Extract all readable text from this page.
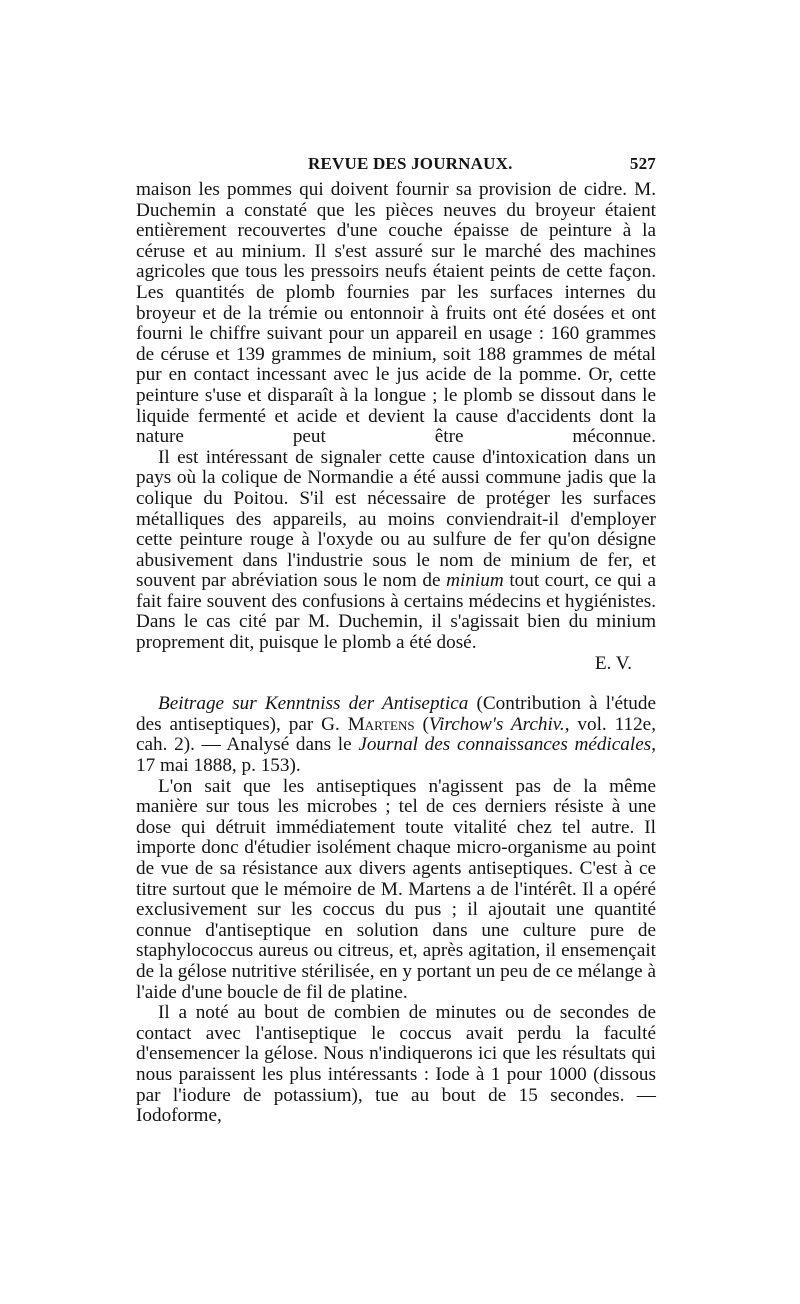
REVUE DES JOURNAUX.	527

maison les pommes qui doivent fournir sa provision de cidre. M. Duchemin a constaté que les pièces neuves du broyeur étaient entièrement recouvertes d'une couche épaisse de peinture à la céruse et au minium. Il s'est assuré sur le marché des machines agricoles que tous les pressoirs neufs étaient peints de cette façon. Les quantités de plomb fournies par les surfaces internes du broyeur et de la trémie ou entonnoir à fruits ont été dosées et ont fourni le chiffre suivant pour un appareil en usage : 160 grammes de céruse et 139 grammes de minium, soit 188 grammes de métal pur en contact incessant avec le jus acide de la pomme. Or, cette peinture s'use et disparaît à la longue ; le plomb se dissout dans le liquide fermenté et acide et devient la cause d'accidents dont la nature peut être méconnue.

Il est intéressant de signaler cette cause d'intoxication dans un pays où la colique de Normandie a été aussi commune jadis que la colique du Poitou. S'il est nécessaire de protéger les surfaces métalliques des appareils, au moins conviendrait-il d'employer cette peinture rouge à l'oxyde ou au sulfure de fer qu'on désigne abusivement dans l'industrie sous le nom de minium de fer, et souvent par abréviation sous le nom de minium tout court, ce qui a fait faire souvent des confusions à certains médecins et hygiénistes. Dans le cas cité par M. Duchemin, il s'agissait bien du minium proprement dit, puisque le plomb a été dosé.

E. V.

Beitrage sur Kenntniss der Antiseptica (Contribution à l'étude des antiseptiques), par G. Martens (Virchow's Archiv., vol. 112e, cah. 2). — Analysé dans le Journal des connaissances médicales, 17 mai 1888, p. 153).

L'on sait que les antiseptiques n'agissent pas de la même manière sur tous les microbes ; tel de ces derniers résiste à une dose qui détruit immédiatement toute vitalité chez tel autre. Il importe donc d'étudier isolément chaque micro-organisme au point de vue de sa résistance aux divers agents antiseptiques. C'est à ce titre surtout que le mémoire de M. Martens a de l'intérêt. Il a opéré exclusivement sur les coccus du pus ; il ajoutait une quantité connue d'antiseptique en solution dans une culture pure de staphylococcus aureus ou citreus, et, après agitation, il ensemençait de la gélose nutritive stérilisée, en y portant un peu de ce mélange à l'aide d'une boucle de fil de platine.

Il a noté au bout de combien de minutes ou de secondes de contact avec l'antiseptique le coccus avait perdu la faculté d'ensemencer la gélose. Nous n'indiquerons ici que les résultats qui nous paraissent les plus intéressants : Iode à 1 pour 1000 (dissous par l'iodure de potassium), tue au bout de 15 secondes. — Iodoforme,
